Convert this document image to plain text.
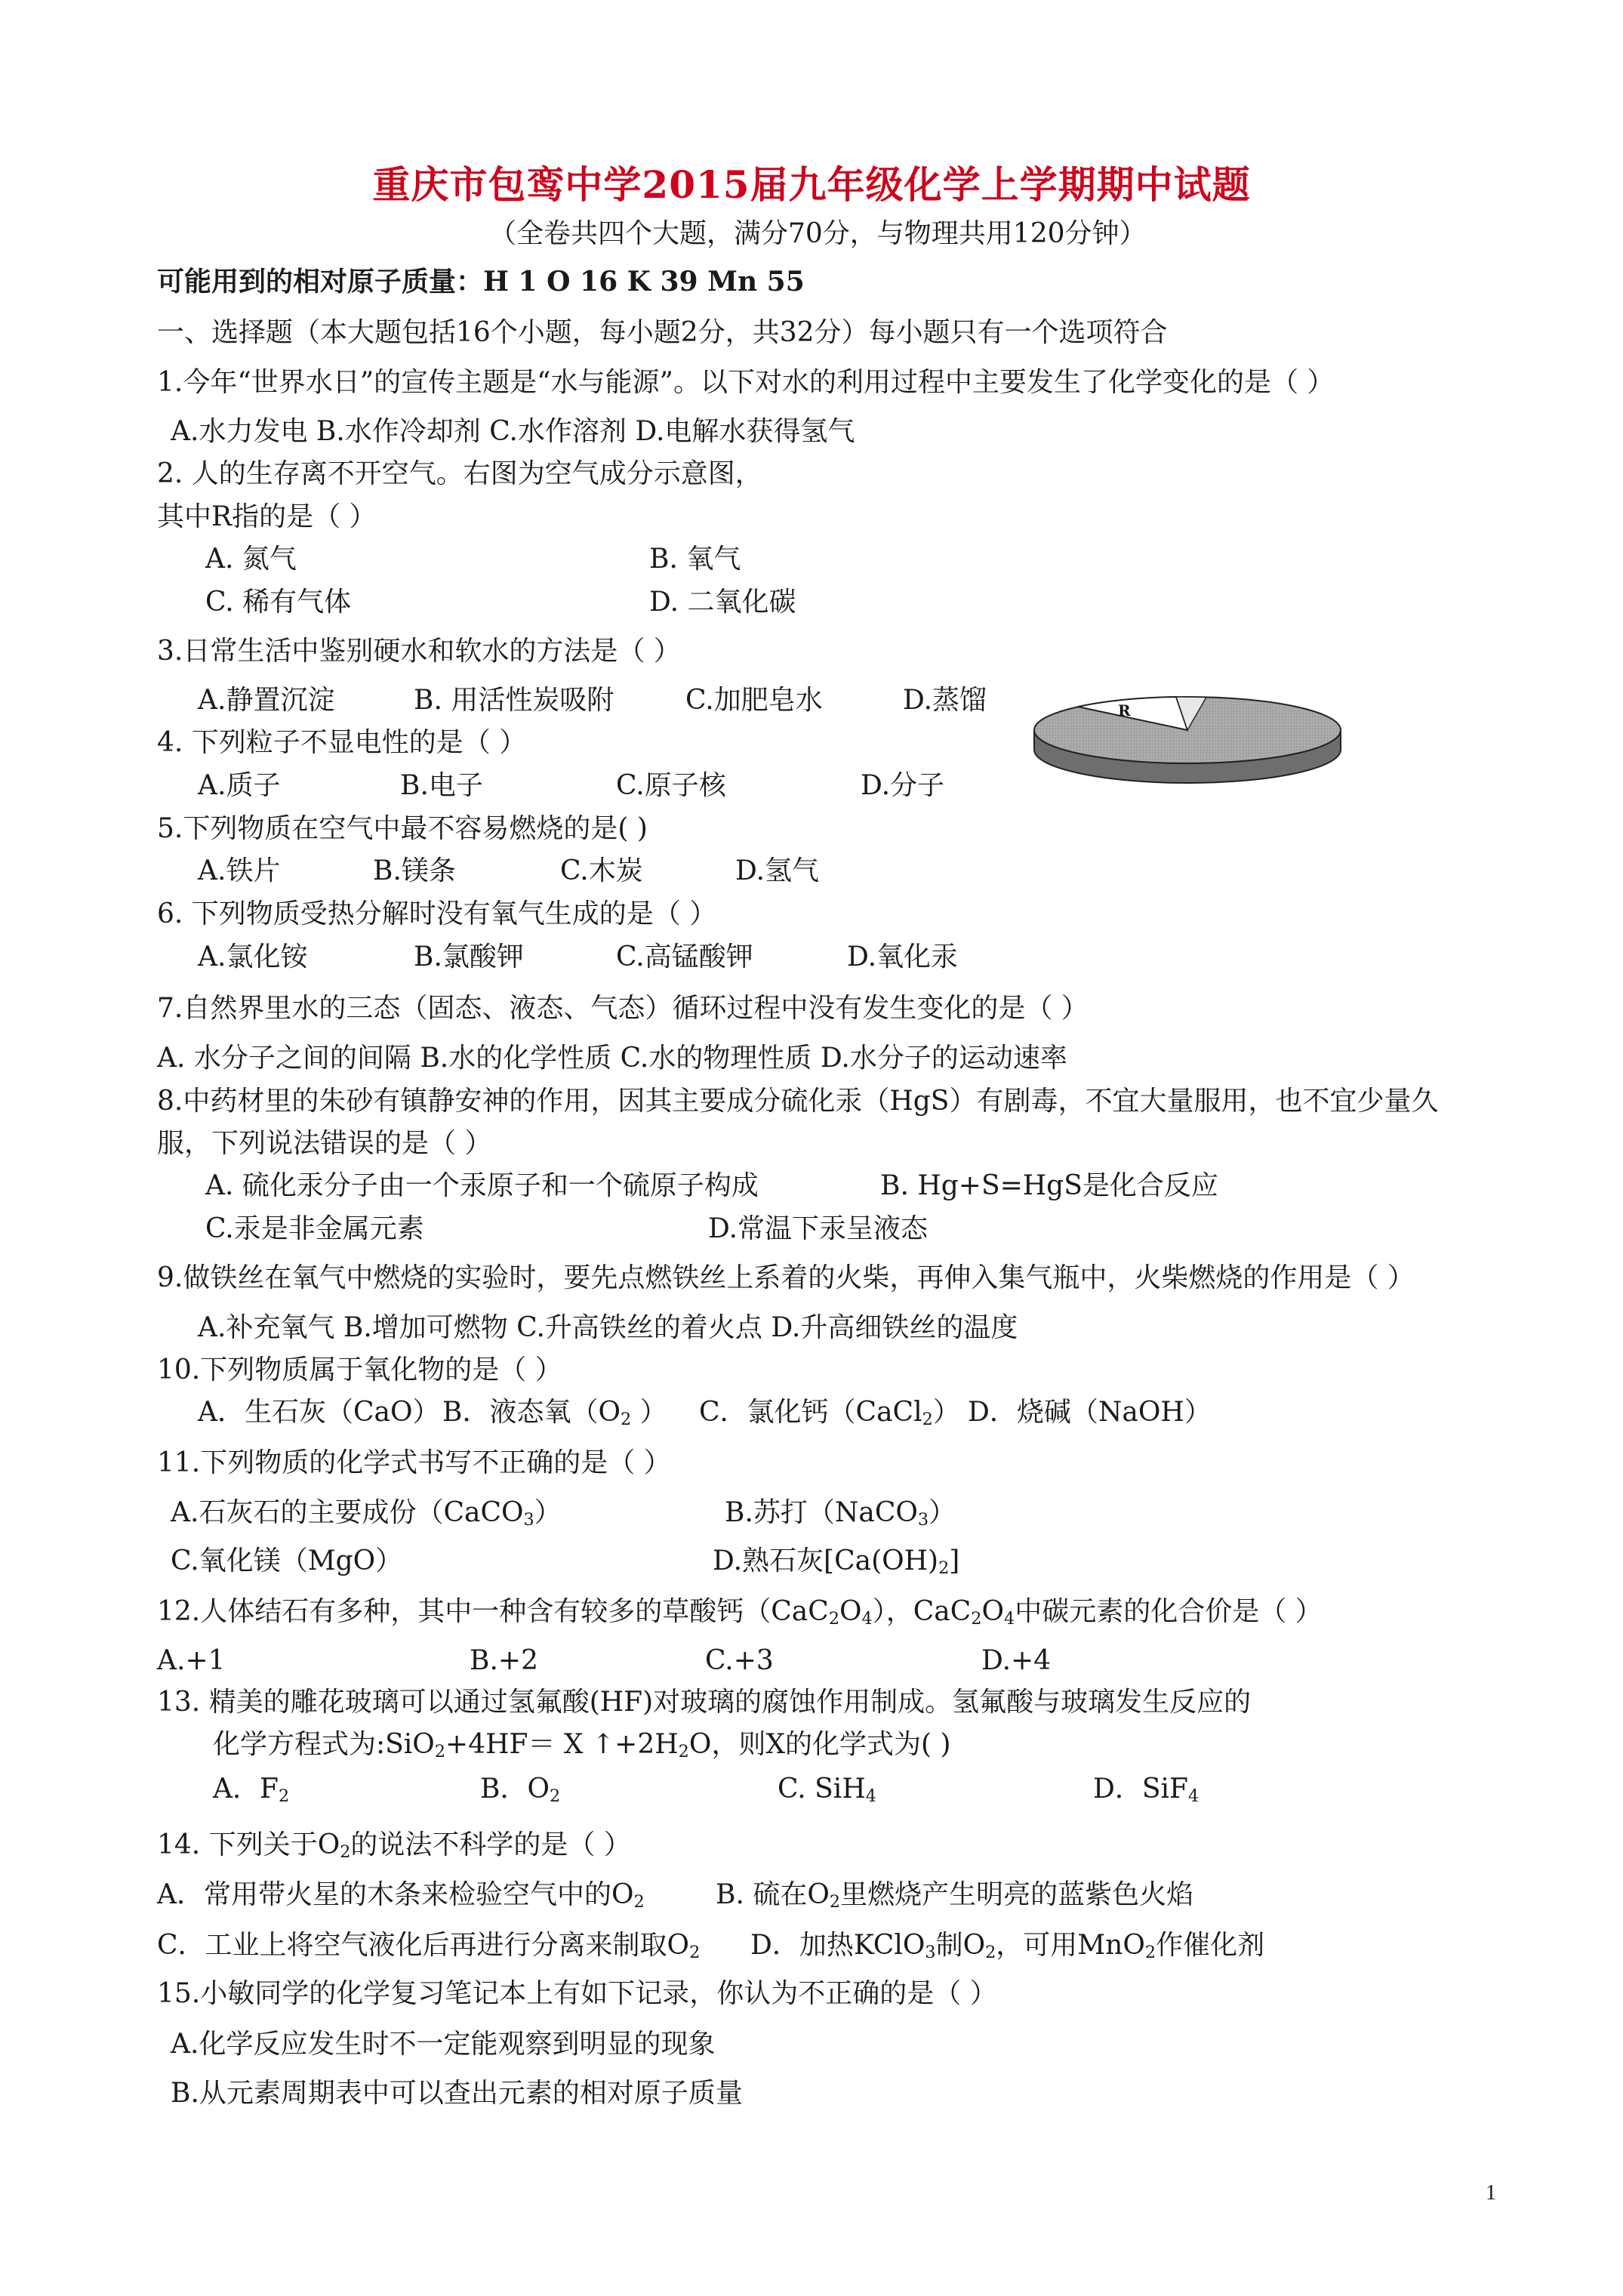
重庆市包鸾中学2015届九年级化学上学期期中试题
（全卷共四个大题，满分70分，与物理共用120分钟）
可能用到的相对原子质量：H 1 O 16 K 39 Mn 55
一、选择题（本大题包括16个小题，每小题2分，共32分）每小题只有一个选项符合
1.今年“世界水日”的宣传主题是“水与能源”。以下对水的利用过程中主要发生了化学变化的是（ ）
A.水力发电 B.水作冷却剂 C.水作溶剂 D.电解水获得氢气
2. 人的生存离不开空气。右图为空气成分示意图，
其中R指的是（ ）
A. 氮气	B. 氧气
C. 稀有气体	D. 二氧化碳
3.日常生活中鉴别硬水和软水的方法是（ ）
A.静置沉淀	B. 用活性炭吸附	C.加肥皂水	D.蒸馏	R
4. 下列粒子不显电性的是（ ）
A.质子	B.电子	C.原子核	D.分子
5.下列物质在空气中最不容易燃烧的是( )
A.铁片	B.镁条	C.木炭	D.氢气
6. 下列物质受热分解时没有氧气生成的是（ ）
A.氯化铵	B.氯酸钾	C.高锰酸钾	D.氧化汞
7.自然界里水的三态（固态、液态、气态）循环过程中没有发生变化的是（ ）
A. 水分子之间的间隔 B.水的化学性质 C.水的物理性质 D.水分子的运动速率
8.中药材里的朱砂有镇静安神的作用，因其主要成分硫化汞（HgS）有剧毒，不宜大量服用，也不宜少量久
服，下列说法错误的是（ ）
A. 硫化汞分子由一个汞原子和一个硫原子构成	B. Hg+S=HgS是化合反应
C.汞是非金属元素	D.常温下汞呈液态
9.做铁丝在氧气中燃烧的实验时，要先点燃铁丝上系着的火柴，再伸入集气瓶中，火柴燃烧的作用是（ ）
A.补充氧气 B.增加可燃物 C.升高铁丝的着火点 D.升高细铁丝的温度
10.下列物质属于氧化物的是（ ）
A．生石灰（CaO） B．液态氧（$O_2$ ） C．氯化钙（CaCl$_2$） D．烧碱（NaOH）
11.下列物质的化学式书写不正确的是（ ）
A.石灰石的主要成份（CaCO$_3$）	B.苏打（NaCO$_3$）
C.氧化镁（MgO）	D.熟石灰$[Ca(OH)_2]$
12.人体结石有多种，其中一种含有较多的草酸钙$(CaC_2O_4)$，$CaC_2O_4$中碳元素的化合价是（ ）
A.+1	B.+2	C.+3	D.+4
13. 精美的雕花玻璃可以通过氢氟酸(HF)对玻璃的腐蚀作用制成。氢氟酸与玻璃发生反应的
化学方程式为:SiO$_2$+4HF＝ X $↑+2H_2O$，则X的化学式为( )
A．$F_2$	B．$O_2$	C. SiH$_4$	D．SiF$_4$
14. 下列关于$O_2$的说法不科学的是（ ）
A．常用带火星的木条来检验空气中的$O_2$	B. 硫在$O_2$里燃烧产生明亮的蓝紫色火焰
C．工业上将空气液化后再进行分离来制取$O_2$ D．加热KClO$_3$制$O_2$，可用MnO$_2$作催化剂
15.小敏同学的化学复习笔记本上有如下记录，你认为不正确的是（ ）
A.化学反应发生时不一定能观察到明显的现象
B.从元素周期表中可以查出元素的相对原子质量
1
